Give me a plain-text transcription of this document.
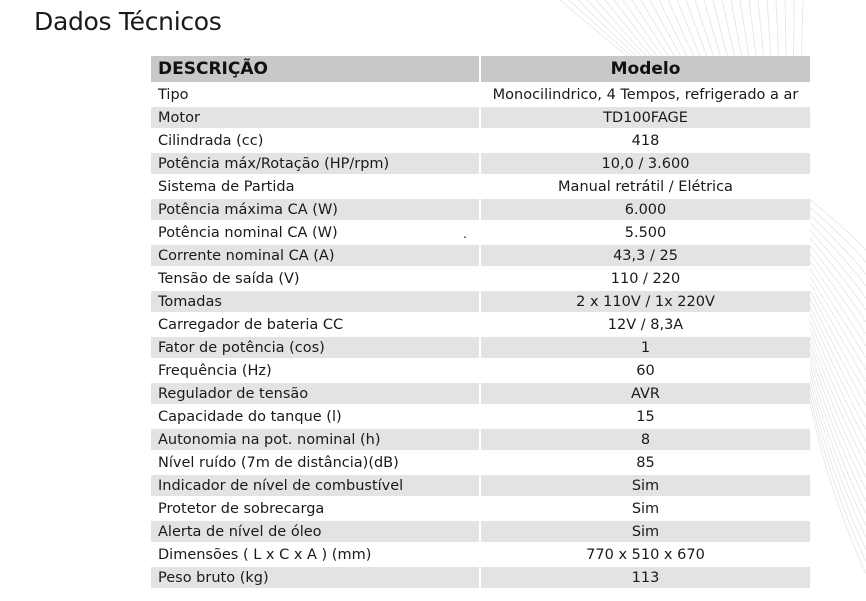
Dados Técnicos
DESCRIÇÃO	Modelo
Tipo	Monocilindrico, 4 Tempos, refrigerado a ar
Motor	TD100FAGE
Cilindrada (cc)	418
Potência máx/Rotação (HP/rpm)	10,0 / 3.600
Sistema de Partida	Manual retrátil / Elétrica
Potência máxima CA (W)	6.000
Potência nominal CA (W) .	5.500
Corrente nominal CA (A)	43,3 / 25
Tensão de saída (V)	110 / 220
Tomadas	2 x 110V / 1x 220V
Carregador de bateria CC	12V / 8,3A
Fator de potência (cos)	1
Frequência (Hz)	60
Regulador de tensão	AVR
Capacidade do tanque (l)	15
Autonomia na pot. nominal (h)	8
Nível ruído (7m de distância)(dB)	85
Indicador de nível de combustível	Sim
Protetor de sobrecarga	Sim
Alerta de nível de óleo	Sim
Dimensões ( L x C x A ) (mm)	770 x 510 x 670
Peso bruto (kg)	113
